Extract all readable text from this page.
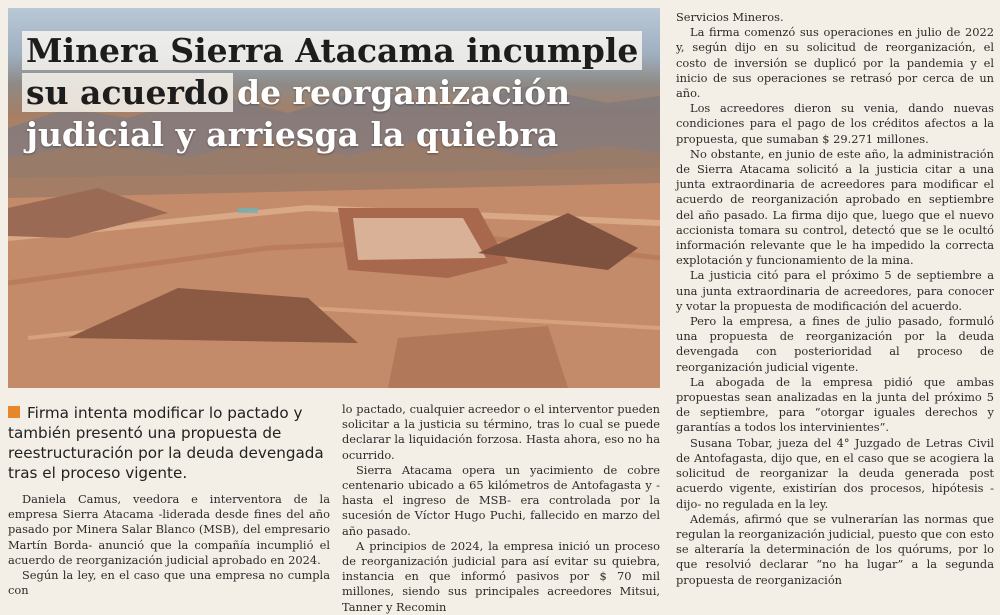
Minera Sierra Atacama incumple
su acuerdo de reorganización
judicial y arriesga la quiebra
Firma intenta modificar lo pactado y también presentó una propuesta de reestructuración por la deuda devengada tras el proceso vigente.

Daniela Camus, veedora e interventora de la empresa Sierra Atacama -liderada desde fines del año pasado por Minera Salar Blanco (MSB), del empresario Martín Borda- anunció que la compañía incumplió el acuerdo de reorganización judicial aprobado en 2024.

Según la ley, en el caso que una empresa no cumpla con

lo pactado, cualquier acreedor o el interventor pueden solicitar a la justicia su término, tras lo cual se puede declarar la liquidación forzosa. Hasta ahora, eso no ha ocurrido.

Sierra Atacama opera un yacimiento de cobre centenario ubicado a 65 kilómetros de Antofagasta y -hasta el ingreso de MSB- era controlada por la sucesión de Víctor Hugo Puchi, fallecido en marzo del año pasado.

A principios de 2024, la empresa inició un proceso de reorganización judicial para así evitar su quiebra, instancia en que informó pasivos por $ 70 mil millones, siendo sus principales acreedores Mitsui, Tanner y Recomin

Servicios Mineros.

La firma comenzó sus operaciones en julio de 2022 y, según dijo en su solicitud de reorganización, el costo de inversión se duplicó por la pandemia y el inicio de sus operaciones se retrasó por cerca de un año.

Los acreedores dieron su venia, dando nuevas condiciones para el pago de los créditos afectos a la propuesta, que sumaban $ 29.271 millones.

No obstante, en junio de este año, la administración de Sierra Atacama solicitó a la justicia citar a una junta extraordinaria de acreedores para modificar el acuerdo de reorganización aprobado en septiembre del año pasado. La firma dijo que, luego que el nuevo accionista tomara su control, detectó que se le ocultó información relevante que le ha impedido la correcta explotación y funcionamiento de la mina.

La justicia citó para el próximo 5 de septiembre a una junta extraordinaria de acreedores, para conocer y votar la propuesta de modificación del acuerdo.

Pero la empresa, a fines de julio pasado, formuló una propuesta de reorganización por la deuda devengada con posterioridad al proceso de reorganización judicial vigente.

La abogada de la empresa pidió que ambas propuestas sean analizadas en la junta del próximo 5 de septiembre, para “otorgar iguales derechos y garantías a todos los intervinientes”.

Susana Tobar, jueza del 4° Juzgado de Letras Civil de Antofagasta, dijo que, en el caso que se acogiera la solicitud de reorganizar la deuda generada post acuerdo vigente, existirían dos procesos, hipótesis -dijo- no regulada en la ley.

Además, afirmó que se vulnerarían las normas que regulan la reorganización judicial, puesto que con esto se alteraría la determinación de los quórums, por lo que resolvió declarar “no ha lugar” a la segunda propuesta de reorganización
